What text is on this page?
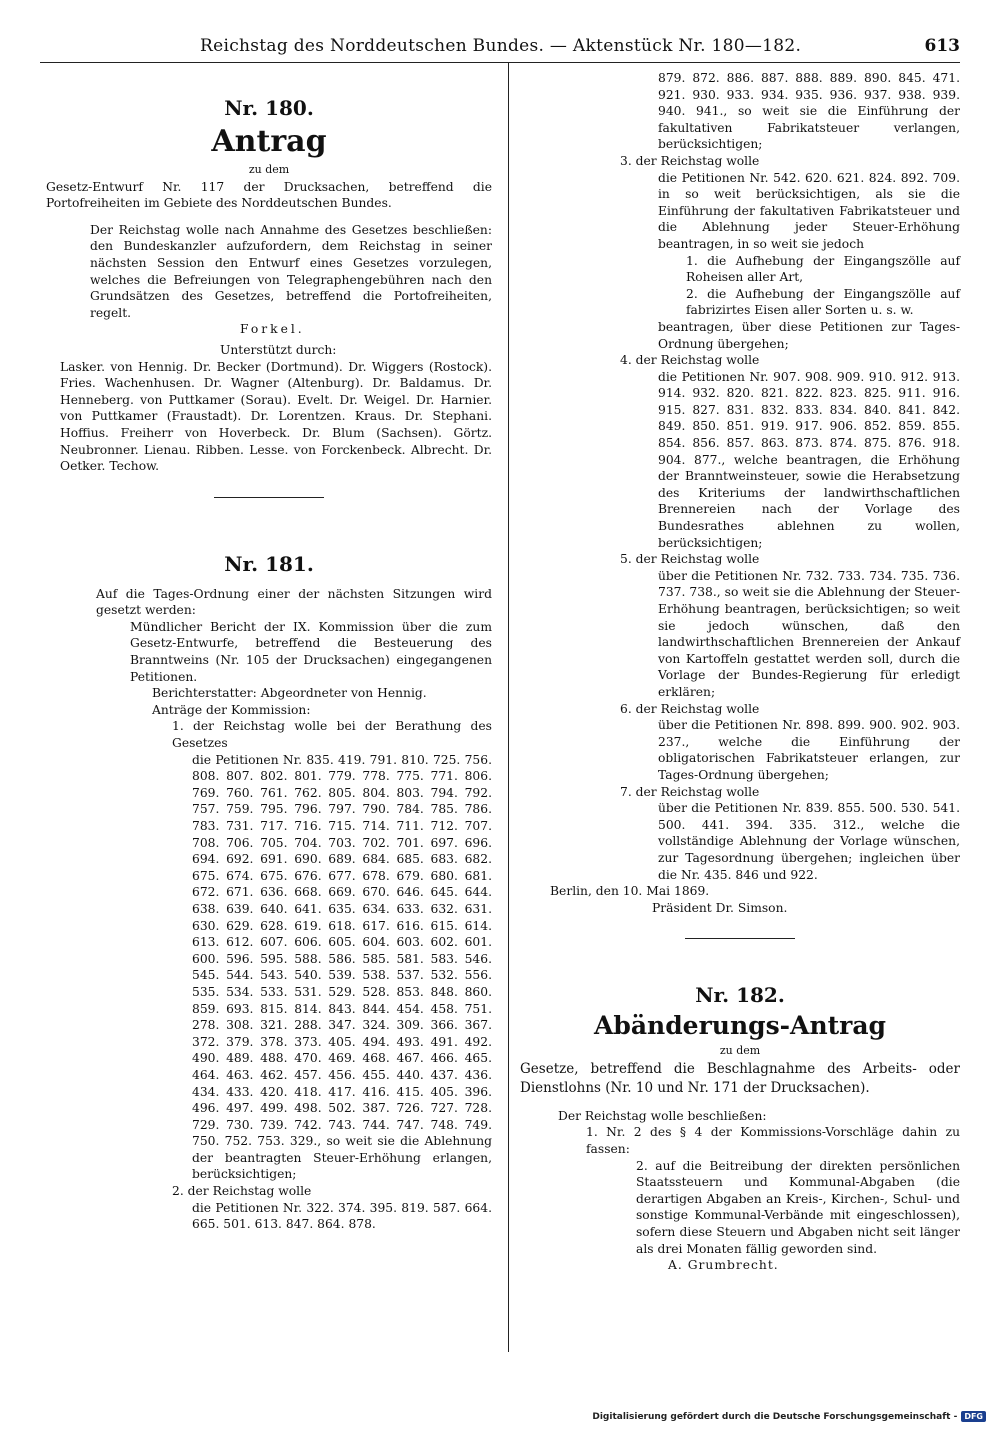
Reichstag des Norddeutschen Bundes. — Aktenstück Nr. 180—182.	613
Nr. 180.
Antrag
zu dem
Gesetz-Entwurf Nr. 117 der Drucksachen, betreffend die Portofreiheiten im Gebiete des Norddeutschen Bundes.
Der Reichstag wolle nach Annahme des Gesetzes beschließen: den Bundeskanzler aufzufordern, dem Reichstag in seiner nächsten Session den Entwurf eines Gesetzes vorzulegen, welches die Befreiungen von Telegraphengebühren nach den Grundsätzen des Gesetzes, betreffend die Portofreiheiten, regelt.
Forkel.
Unterstützt durch:
Lasker. von Hennig. Dr. Becker (Dortmund). Dr. Wiggers (Rostock). Fries. Wachenhusen. Dr. Wagner (Altenburg). Dr. Baldamus. Dr. Henneberg. von Puttkamer (Sorau). Evelt. Dr. Weigel. Dr. Harnier. von Puttkamer (Fraustadt). Dr. Lorentzen. Kraus. Dr. Stephani. Hoffius. Freiherr von Hoverbeck. Dr. Blum (Sachsen). Görtz. Neubronner. Lienau. Ribben. Lesse. von Forckenbeck. Albrecht. Dr. Oetker. Techow.
Nr. 181.
Auf die Tages-Ordnung einer der nächsten Sitzungen wird gesetzt werden:
Mündlicher Bericht der IX. Kommission über die zum Gesetz-Entwurfe, betreffend die Besteuerung des Branntweins (Nr. 105 der Drucksachen) eingegangenen Petitionen.
Berichterstatter: Abgeordneter von Hennig.
Anträge der Kommission:
1. der Reichstag wolle bei der Berathung des Gesetzes
die Petitionen Nr. 835. 419. 791. 810. 725. 756. 808. 807. 802. 801. 779. 778. 775. 771. 806. 769. 760. 761. 762. 805. 804. 803. 794. 792. 757. 759. 795. 796. 797. 790. 784. 785. 786. 783. 731. 717. 716. 715. 714. 711. 712. 707. 708. 706. 705. 704. 703. 702. 701. 697. 696. 694. 692. 691. 690. 689. 684. 685. 683. 682. 675. 674. 675. 676. 677. 678. 679. 680. 681. 672. 671. 636. 668. 669. 670. 646. 645. 644. 638. 639. 640. 641. 635. 634. 633. 632. 631. 630. 629. 628. 619. 618. 617. 616. 615. 614. 613. 612. 607. 606. 605. 604. 603. 602. 601. 600. 596. 595. 588. 586. 585. 581. 583. 546. 545. 544. 543. 540. 539. 538. 537. 532. 556. 535. 534. 533. 531. 529. 528. 853. 848. 860. 859. 693. 815. 814. 843. 844. 454. 458. 751. 278. 308. 321. 288. 347. 324. 309. 366. 367. 372. 379. 378. 373. 405. 494. 493. 491. 492. 490. 489. 488. 470. 469. 468. 467. 466. 465. 464. 463. 462. 457. 456. 455. 440. 437. 436. 434. 433. 420. 418. 417. 416. 415. 405. 396. 496. 497. 499. 498. 502. 387. 726. 727. 728. 729. 730. 739. 742. 743. 744. 747. 748. 749. 750. 752. 753. 329., so weit sie die Ablehnung der beantragten Steuer-Erhöhung erlangen, berücksichtigen;
2. der Reichstag wolle
die Petitionen Nr. 322. 374. 395. 819. 587. 664. 665. 501. 613. 847. 864. 878.
879. 872. 886. 887. 888. 889. 890. 845. 471. 921. 930. 933. 934. 935. 936. 937. 938. 939. 940. 941., so weit sie die Einführung der fakultativen Fabrikatsteuer verlangen, berücksichtigen;
3. der Reichstag wolle
die Petitionen Nr. 542. 620. 621. 824. 892. 709. in so weit berücksichtigen, als sie die Einführung der fakultativen Fabrikatsteuer und die Ablehnung jeder Steuer-Erhöhung beantragen, in so weit sie jedoch
1. die Aufhebung der Eingangszölle auf Roheisen aller Art,
2. die Aufhebung der Eingangszölle auf fabrizirtes Eisen aller Sorten u. s. w.
beantragen, über diese Petitionen zur Tages-Ordnung übergehen;
4. der Reichstag wolle
die Petitionen Nr. 907. 908. 909. 910. 912. 913. 914. 932. 820. 821. 822. 823. 825. 911. 916. 915. 827. 831. 832. 833. 834. 840. 841. 842. 849. 850. 851. 919. 917. 906. 852. 859. 855. 854. 856. 857. 863. 873. 874. 875. 876. 918. 904. 877., welche beantragen, die Erhöhung der Branntweinsteuer, sowie die Herabsetzung des Kriteriums der landwirthschaftlichen Brennereien nach der Vorlage des Bundesrathes ablehnen zu wollen, berücksichtigen;
5. der Reichstag wolle
über die Petitionen Nr. 732. 733. 734. 735. 736. 737. 738., so weit sie die Ablehnung der Steuer-Erhöhung beantragen, berücksichtigen; so weit sie jedoch wünschen, daß den landwirthschaftlichen Brennereien der Ankauf von Kartoffeln gestattet werden soll, durch die Vorlage der Bundes-Regierung für erledigt erklären;
6. der Reichstag wolle
über die Petitionen Nr. 898. 899. 900. 902. 903. 237., welche die Einführung der obligatorischen Fabrikatsteuer erlangen, zur Tages-Ordnung übergehen;
7. der Reichstag wolle
über die Petitionen Nr. 839. 855. 500. 530. 541. 500. 441. 394. 335. 312., welche die vollständige Ablehnung der Vorlage wünschen, zur Tagesordnung übergehen; ingleichen über die Nr. 435. 846 und 922.
Berlin, den 10. Mai 1869.
Präsident Dr. Simson.
Nr. 182.
Abänderungs-Antrag
zu dem
Gesetze, betreffend die Beschlagnahme des Arbeits- oder Dienstlohns (Nr. 10 und Nr. 171 der Drucksachen).
Der Reichstag wolle beschließen:
1. Nr. 2 des § 4 der Kommissions-Vorschläge dahin zu fassen:
2. auf die Beitreibung der direkten persönlichen Staatssteuern und Kommunal-Abgaben (die derartigen Abgaben an Kreis-, Kirchen-, Schul- und sonstige Kommunal-Verbände mit eingeschlossen), sofern diese Steuern und Abgaben nicht seit länger als drei Monaten fällig geworden sind.
A. Grumbrecht.
Digitalisierung gefördert durch die Deutsche Forschungsgemeinschaft - DFG
